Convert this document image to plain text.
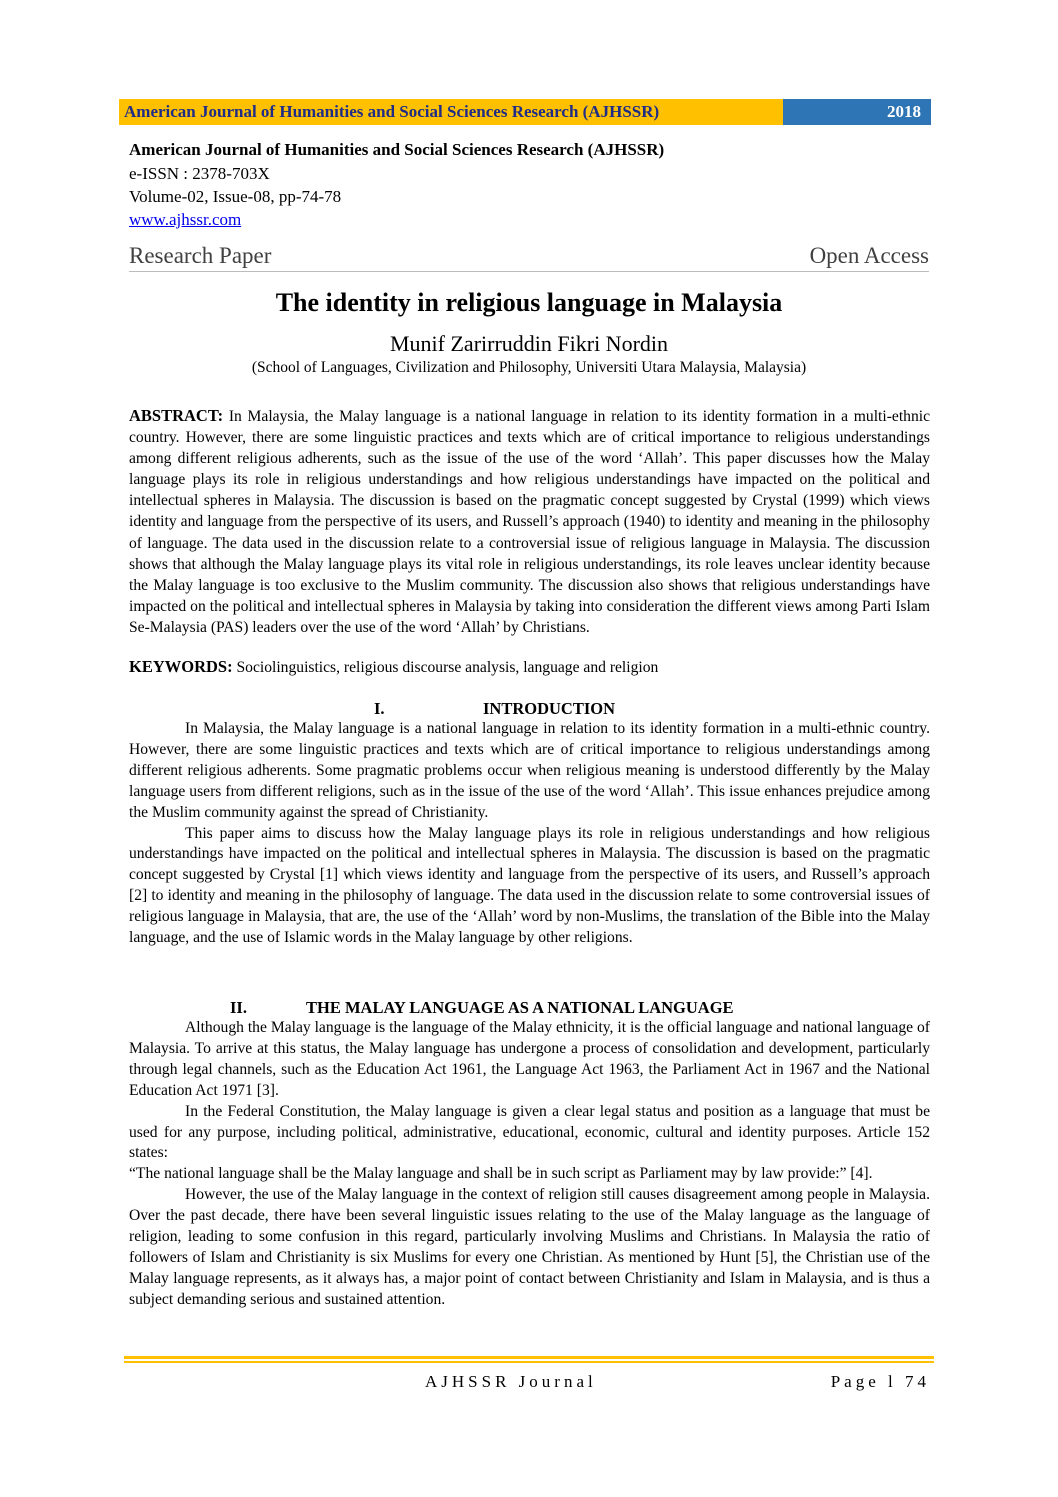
American Journal of Humanities and Social Sciences Research (AJHSSR)	2018
American Journal of Humanities and Social Sciences Research (AJHSSR)
e-ISSN : 2378-703X
Volume-02, Issue-08, pp-74-78
www.ajhssr.com
Research Paper	Open Access
The identity in religious language in Malaysia
Munif Zarirruddin Fikri Nordin
(School of Languages, Civilization and Philosophy, Universiti Utara Malaysia, Malaysia)
ABSTRACT: In Malaysia, the Malay language is a national language in relation to its identity formation in a multi-ethnic country. However, there are some linguistic practices and texts which are of critical importance to religious understandings among different religious adherents, such as the issue of the use of the word ‘Allah’. This paper discusses how the Malay language plays its role in religious understandings and how religious understandings have impacted on the political and intellectual spheres in Malaysia. The discussion is based on the pragmatic concept suggested by Crystal (1999) which views identity and language from the perspective of its users, and Russell’s approach (1940) to identity and meaning in the philosophy of language. The data used in the discussion relate to a controversial issue of religious language in Malaysia. The discussion shows that although the Malay language plays its vital role in religious understandings, its role leaves unclear identity because the Malay language is too exclusive to the Muslim community. The discussion also shows that religious understandings have impacted on the political and intellectual spheres in Malaysia by taking into consideration the different views among Parti Islam Se-Malaysia (PAS) leaders over the use of the word ‘Allah’ by Christians.
KEYWORDS: Sociolinguistics, religious discourse analysis, language and religion
I.	INTRODUCTION

In Malaysia, the Malay language is a national language in relation to its identity formation in a multi-ethnic country. However, there are some linguistic practices and texts which are of critical importance to religious understandings among different religious adherents. Some pragmatic problems occur when religious meaning is understood differently by the Malay language users from different religions, such as in the issue of the use of the word ‘Allah’. This issue enhances prejudice among the Muslim community against the spread of Christianity.

This paper aims to discuss how the Malay language plays its role in religious understandings and how religious understandings have impacted on the political and intellectual spheres in Malaysia. The discussion is based on the pragmatic concept suggested by Crystal [1] which views identity and language from the perspective of its users, and Russell’s approach [2] to identity and meaning in the philosophy of language. The data used in the discussion relate to some controversial issues of religious language in Malaysia, that are, the use of the ‘Allah’ word by non-Muslims, the translation of the Bible into the Malay language, and the use of Islamic words in the Malay language by other religions.

II.	THE MALAY LANGUAGE AS A NATIONAL LANGUAGE

Although the Malay language is the language of the Malay ethnicity, it is the official language and national language of Malaysia. To arrive at this status, the Malay language has undergone a process of consolidation and development, particularly through legal channels, such as the Education Act 1961, the Language Act 1963, the Parliament Act in 1967 and the National Education Act 1971 [3].

In the Federal Constitution, the Malay language is given a clear legal status and position as a language that must be used for any purpose, including political, administrative, educational, economic, cultural and identity purposes. Article 152 states:

“The national language shall be the Malay language and shall be in such script as Parliament may by law provide:” [4].

However, the use of the Malay language in the context of religion still causes disagreement among people in Malaysia. Over the past decade, there have been several linguistic issues relating to the use of the Malay language as the language of religion, leading to some confusion in this regard, particularly involving Muslims and Christians. In Malaysia the ratio of followers of Islam and Christianity is six Muslims for every one Christian. As mentioned by Hunt [5], the Christian use of the Malay language represents, as it always has, a major point of contact between Christianity and Islam in Malaysia, and is thus a subject demanding serious and sustained attention.

AJHSSR Journal	Page l 74
